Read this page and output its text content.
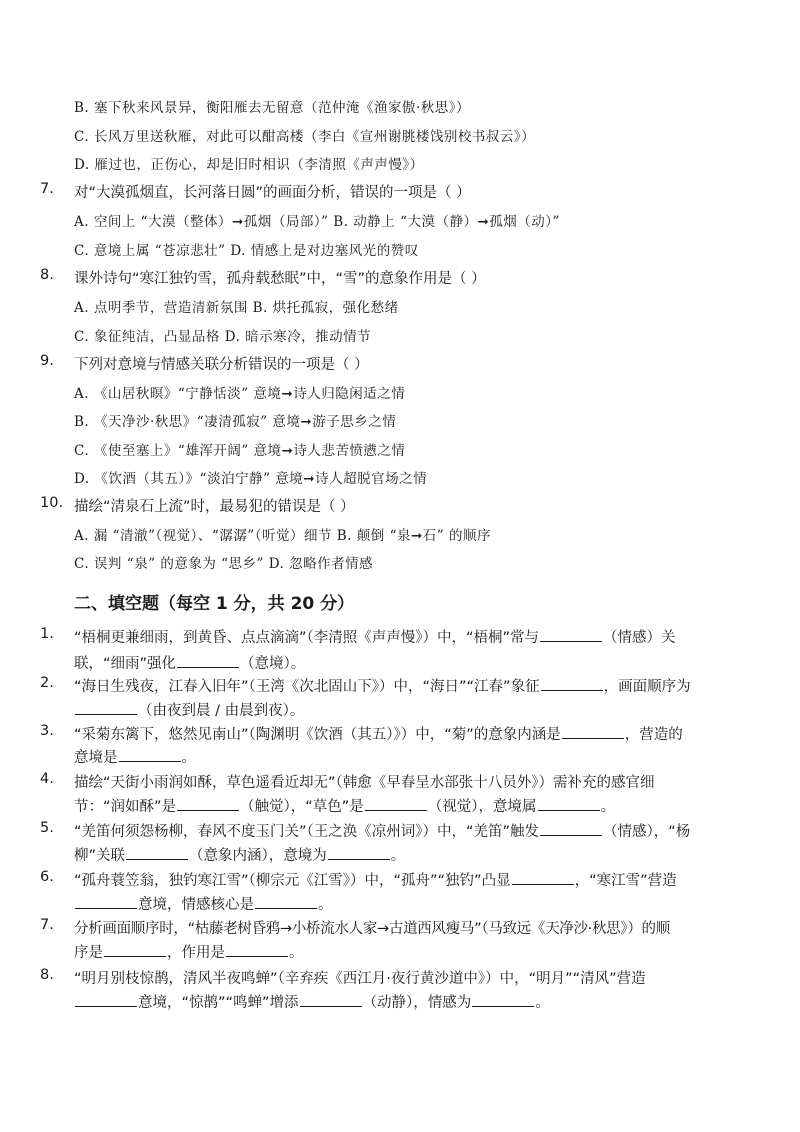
B. 塞下秋来风景异，衡阳雁去无留意（范仲淹《渔家傲·秋思》）
C. 长风万里送秋雁，对此可以酣高楼（李白《宣州谢朓楼饯别校书叔云》）
D. 雁过也，正伤心，却是旧时相识（李清照《声声慢》）
7. 对“大漠孤烟直，长河落日圆”的画面分析，错误的一项是（ ）
A. 空间上 “大漠（整体）➞孤烟（局部）” B. 动静上 “大漠（静）➞孤烟（动）”
C. 意境上属 “苍凉悲壮” D. 情感上是对边塞风光的赞叹
8. 课外诗句“寒江独钓雪，孤舟载愁眠”中，“雪”的意象作用是（ ）
A. 点明季节，营造清新氛围 B. 烘托孤寂，强化愁绪
C. 象征纯洁，凸显品格 D. 暗示寒冷，推动情节
9. 下列对意境与情感关联分析错误的一项是（ ）
A. 《山居秋暝》“宁静恬淡” 意境➞诗人归隐闲适之情
B. 《天净沙·秋思》“凄清孤寂” 意境➞游子思乡之情
C. 《使至塞上》“雄浑开阔” 意境➞诗人悲苦愤懑之情
D. 《饮酒（其五）》“淡泊宁静” 意境➞诗人超脱官场之情
10. 描绘“清泉石上流”时，最易犯的错误是（ ）
A. 漏 “清澈”（视觉）、“潺潺”（听觉）细节 B. 颠倒 “泉➞石” 的顺序
C. 误判 “泉” 的意象为 “思乡” D. 忽略作者情感
二、填空题（每空 1 分，共 20 分）
1. “梧桐更兼细雨，到黄昏、点点滴滴”（李清照《声声慢》）中，“梧桐”常与	（情感）关
联，“细雨”强化	（意境）。
2. “海日生残夜，江春入旧年”（王湾《次北固山下》）中，“海日”“江春”象征	，画面顺序为
（由夜到晨 / 由晨到夜）。
3. “采菊东篱下，悠然见南山”（陶渊明《饮酒（其五）》）中，“菊”的意象内涵是	，营造的
意境是	。
4. 描绘“天街小雨润如酥，草色遥看近却无”（韩愈《早春呈水部张十八员外》）需补充的感官细
节：“润如酥”是	（触觉），“草色”是	（视觉），意境属	。
5. “羌笛何须怨杨柳，春风不度玉门关”（王之涣《凉州词》）中，“羌笛”触发	（情感），“杨
柳”关联	（意象内涵），意境为	。
6. “孤舟蓑笠翁，独钓寒江雪”（柳宗元《江雪》）中，“孤舟”“独钓”凸显	，“寒江雪”营造
意境，情感核心是	。
7. 分析画面顺序时，“枯藤老树昏鸦→小桥流水人家→古道西风瘦马”（马致远《天净沙·秋思》）的顺
序是	，作用是	。
8. “明月别枝惊鹊，清风半夜鸣蝉”（辛弃疾《西江月·夜行黄沙道中》）中，“明月”“清风”营造
意境，“惊鹊”“鸣蝉”增添	（动静），情感为	。
